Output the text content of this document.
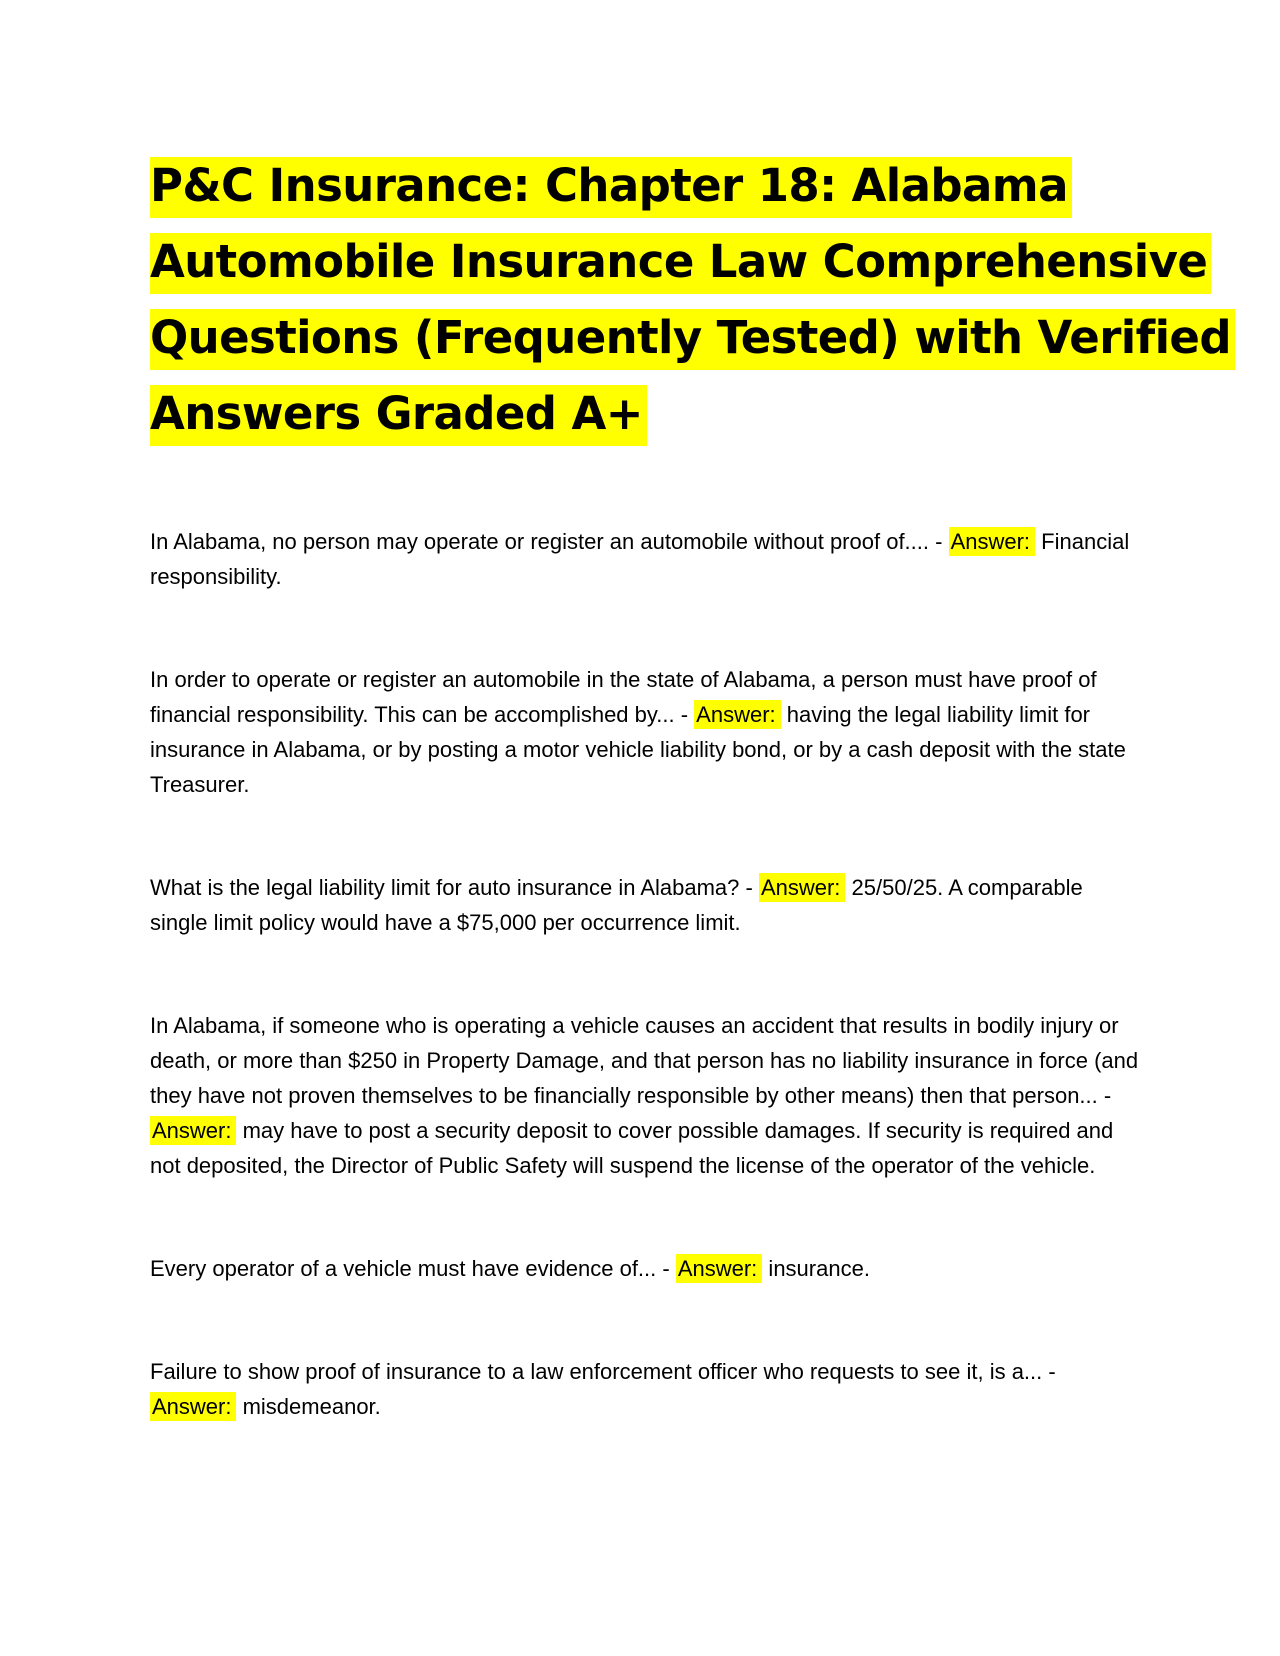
P&C Insurance: Chapter 18: Alabama
Automobile Insurance Law Comprehensive
Questions (Frequently Tested) with Verified
Answers Graded A+

In Alabama, no person may operate or register an automobile without proof of.... - Answer: Financial responsibility.

In order to operate or register an automobile in the state of Alabama, a person must have proof of financial responsibility. This can be accomplished by... - Answer: having the legal liability limit for insurance in Alabama, or by posting a motor vehicle liability bond, or by a cash deposit with the state Treasurer.

What is the legal liability limit for auto insurance in Alabama? - Answer: 25/50/25. A comparable single limit policy would have a $75,000 per occurrence limit.

In Alabama, if someone who is operating a vehicle causes an accident that results in bodily injury or death, or more than $250 in Property Damage, and that person has no liability insurance in force (and they have not proven themselves to be financially responsible by other means) then that person... - Answer: may have to post a security deposit to cover possible damages. If security is required and not deposited, the Director of Public Safety will suspend the license of the operator of the vehicle.

Every operator of a vehicle must have evidence of... - Answer: insurance.

Failure to show proof of insurance to a law enforcement officer who requests to see it, is a... - Answer: misdemeanor.
